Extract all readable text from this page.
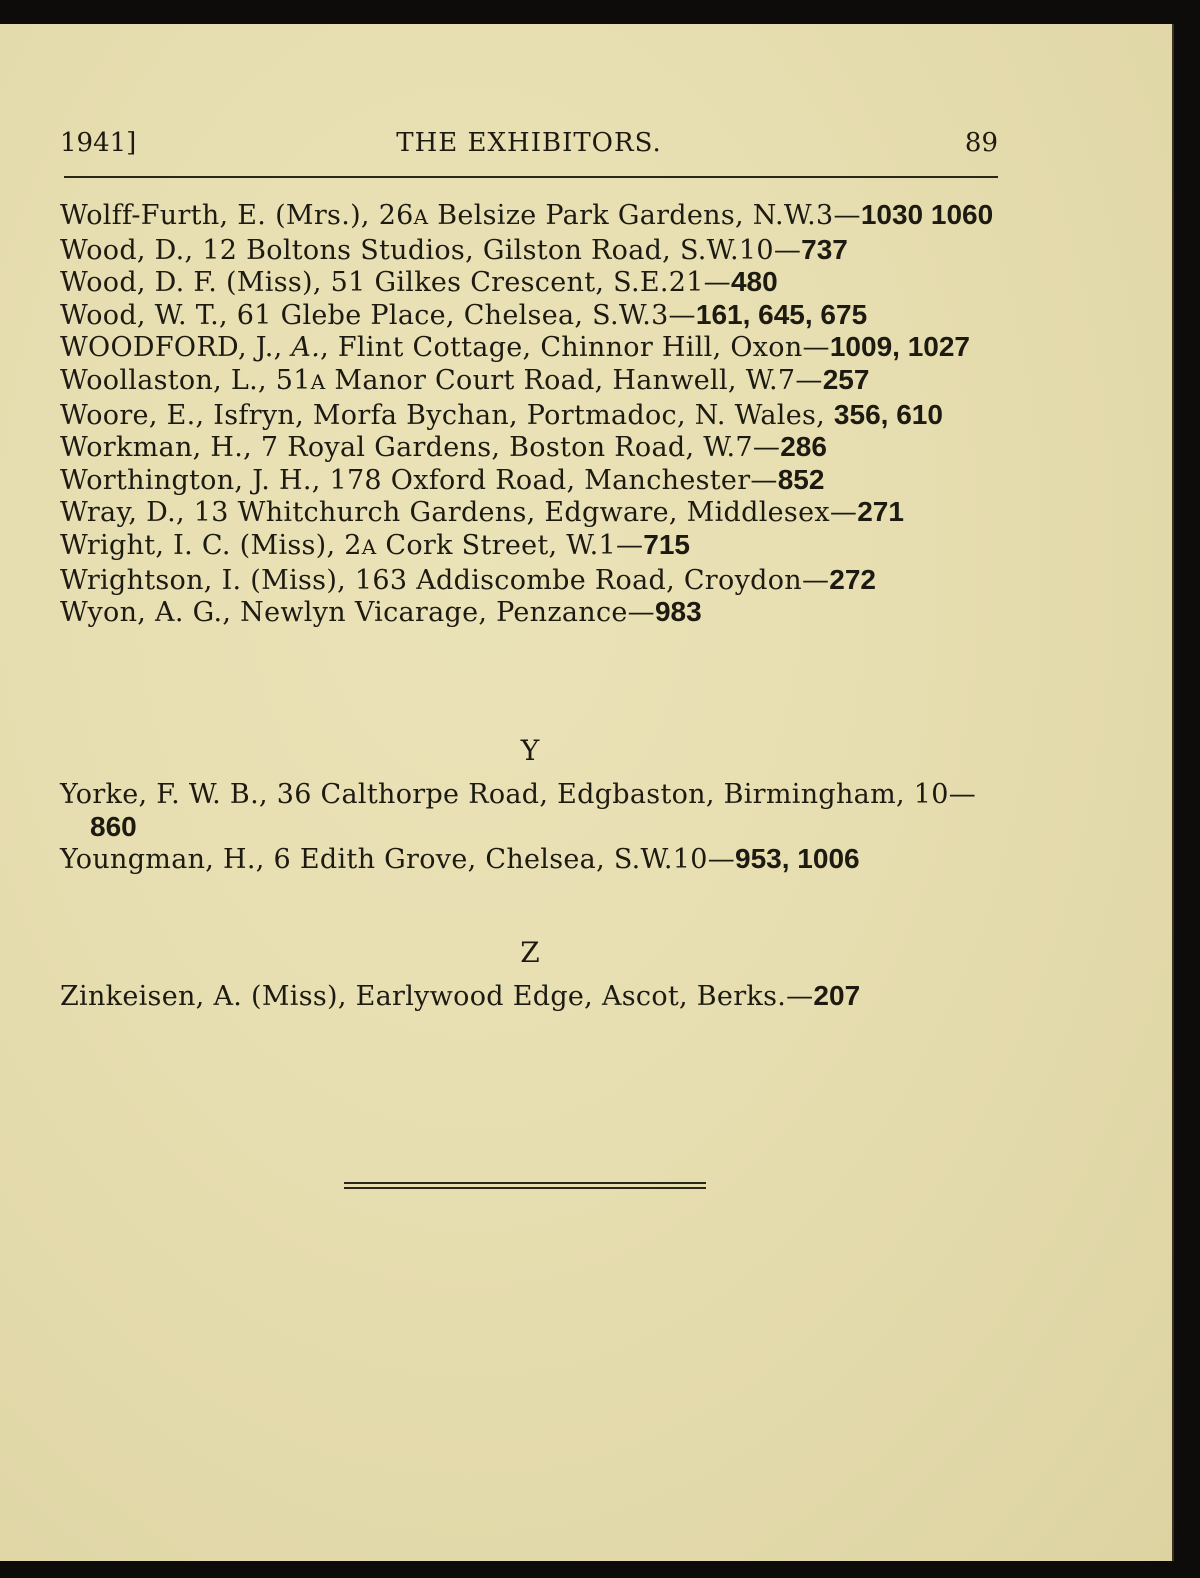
1941]	THE EXHIBITORS.	89
Wolff-Furth, E. (Mrs.), 26A Belsize Park Gardens, N.W.3—1030 1060
Wood, D., 12 Boltons Studios, Gilston Road, S.W.10—737
Wood, D. F. (Miss), 51 Gilkes Crescent, S.E.21—480
Wood, W. T., 61 Glebe Place, Chelsea, S.W.3—161, 645, 675
WOODFORD, J., A., Flint Cottage, Chinnor Hill, Oxon—1009, 1027
Woollaston, L., 51A Manor Court Road, Hanwell, W.7—257
Woore, E., Isfryn, Morfa Bychan, Portmadoc, N. Wales, 356, 610
Workman, H., 7 Royal Gardens, Boston Road, W.7—286
Worthington, J. H., 178 Oxford Road, Manchester—852
Wray, D., 13 Whitchurch Gardens, Edgware, Middlesex—271
Wright, I. C. (Miss), 2A Cork Street, W.1—715
Wrightson, I. (Miss), 163 Addiscombe Road, Croydon—272
Wyon, A. G., Newlyn Vicarage, Penzance—983
Y
Yorke, F. W. B., 36 Calthorpe Road, Edgbaston, Birmingham, 10—860
Youngman, H., 6 Edith Grove, Chelsea, S.W.10—953, 1006
Z
Zinkeisen, A. (Miss), Earlywood Edge, Ascot, Berks.—207
